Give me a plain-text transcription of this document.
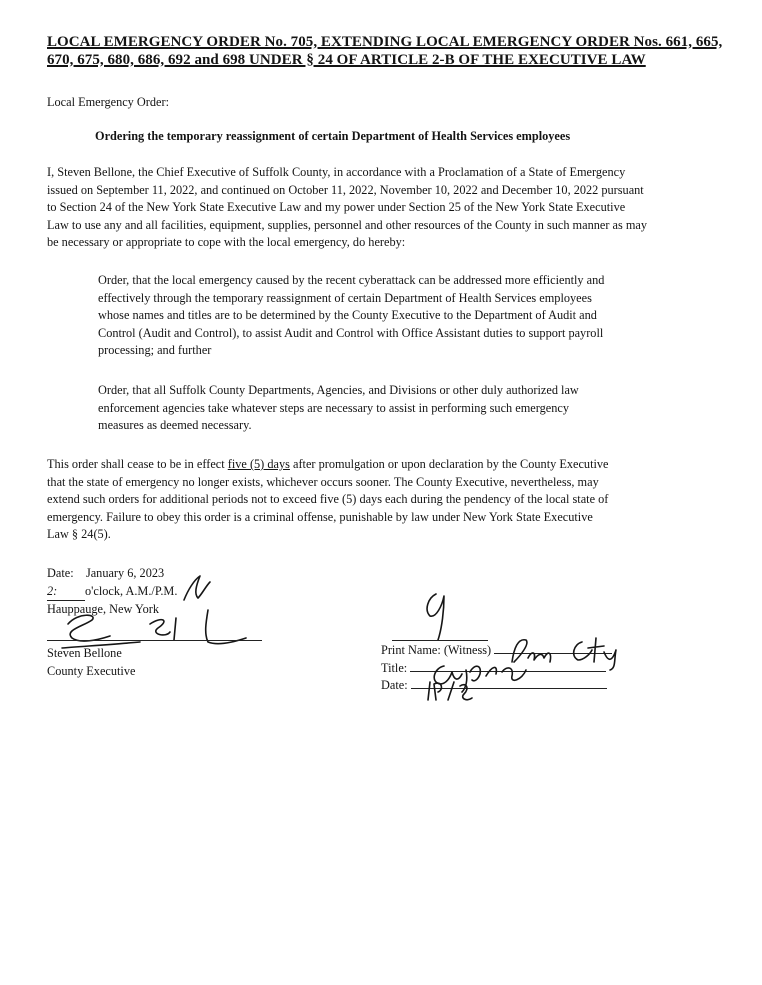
LOCAL EMERGENCY ORDER No. 705, EXTENDING LOCAL EMERGENCY ORDER Nos. 661, 665,
670, 675, 680, 686, 692 and 698 UNDER § 24 OF ARTICLE 2-B OF THE EXECUTIVE LAW
Local Emergency Order:
Ordering the temporary reassignment of certain Department of Health Services employees
I, Steven Bellone, the Chief Executive of Suffolk County, in accordance with a Proclamation of a State of Emergency
issued on September 11, 2022, and continued on October 11, 2022, November 10, 2022 and December 10, 2022 pursuant
to Section 24 of the New York State Executive Law and my power under Section 25 of the New York State Executive
Law to use any and all facilities, equipment, supplies, personnel and other resources of the County in such manner as may
be necessary or appropriate to cope with the local emergency, do hereby:
Order, that the local emergency caused by the recent cyberattack can be addressed more efficiently and
effectively through the temporary reassignment of certain Department of Health Services employees
whose names and titles are to be determined by the County Executive to the Department of Audit and
Control (Audit and Control), to assist Audit and Control with Office Assistant duties to support payroll
processing; and further
Order, that all Suffolk County Departments, Agencies, and Divisions or other duly authorized law
enforcement agencies take whatever steps are necessary to assist in performing such emergency
measures as deemed necessary.
This order shall cease to be in effect five (5) days after promulgation or upon declaration by the County Executive
that the state of emergency no longer exists, whichever occurs sooner. The County Executive, nevertheless, may
extend such orders for additional periods not to exceed five (5) days each during the pendency of the local state of
emergency. Failure to obey this order is a criminal offense, punishable by law under New York State Executive
Law § 24(5).
Date: January 6, 2023
2: o'clock, A.M./P.M.
Hauppauge, New York
Steven Bellone
County Executive
Print Name: (Witness)
Title:
Date:
